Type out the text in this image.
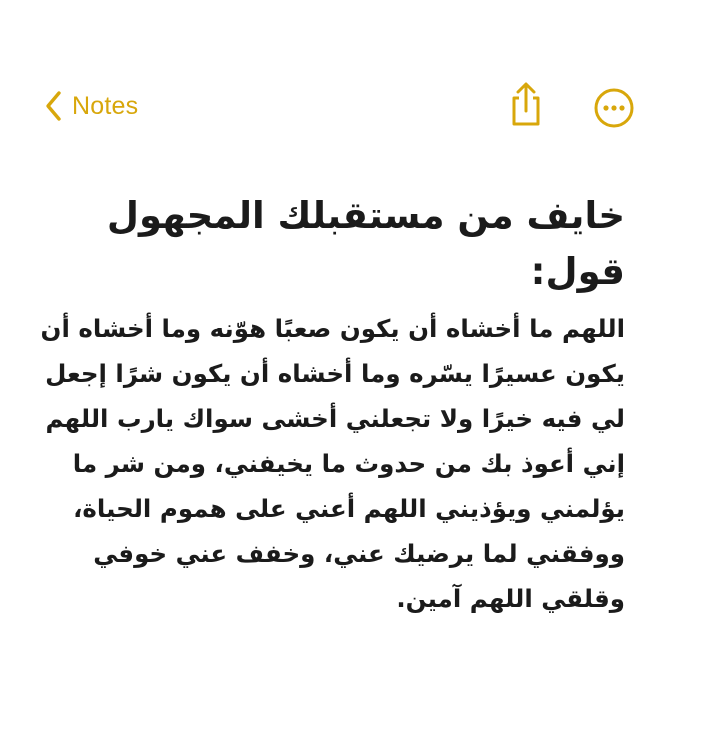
Notes
خايف من مستقبلك المجهول قول:

اللهم ما أخشاه أن يكون صعبًا هوّنه وما أخشاه أن يكون عسيرًا يسّره وما أخشاه أن يكون شرًا إجعل لي فيه خيرًا ولا تجعلني أخشى سواك يارب اللهم إني أعوذ بك من حدوث ما يخيفني، ومن شر ما يؤلمني ويؤذيني اللهم أعني على هموم الحياة، ووفقني لما يرضيك عني، وخفف عني خوفي وقلقي اللهم آمين.
